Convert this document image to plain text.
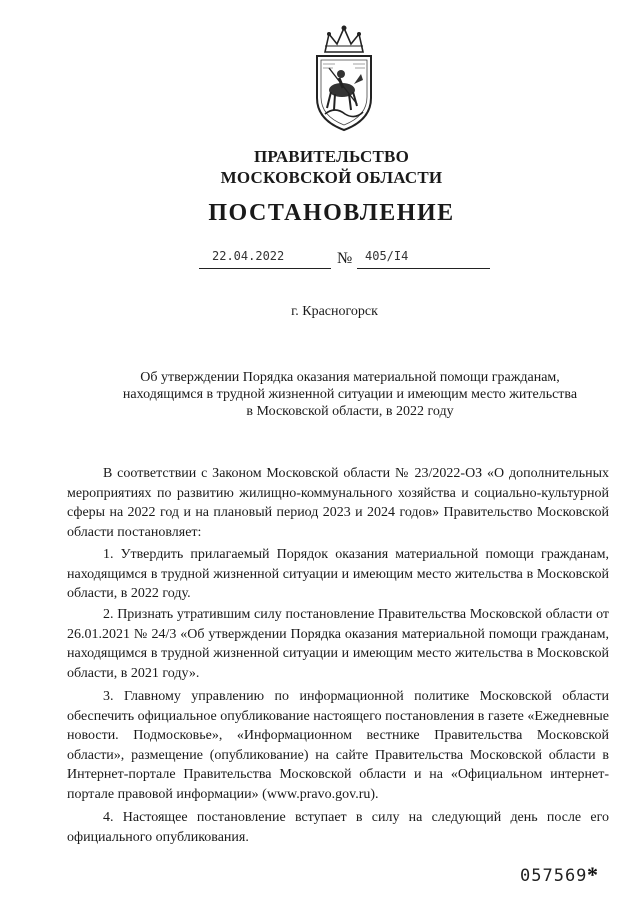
ПРАВИТЕЛЬСТВО
МОСКОВСКОЙ ОБЛАСТИ
ПОСТАНОВЛЕНИЕ
22.04.2022	№ 405/I4
г. Красногорск
Об утверждении Порядка оказания материальной помощи гражданам,
находящимся в трудной жизненной ситуации и имеющим место жительства
в Московской области, в 2022 году
В соответствии с Законом Московской области № 23/2022-ОЗ «О дополнительных мероприятиях по развитию жилищно-коммунального хозяйства и социально-культурной сферы на 2022 год и на плановый период 2023 и 2024 годов» Правительство Московской области постановляет:
1. Утвердить прилагаемый Порядок оказания материальной помощи гражданам, находящимся в трудной жизненной ситуации и имеющим место жительства в Московской области, в 2022 году.
2. Признать утратившим силу постановление Правительства Московской области от 26.01.2021 № 24/3 «Об утверждении Порядка оказания материальной помощи гражданам, находящимся в трудной жизненной ситуации и имеющим место жительства в Московской области, в 2021 году».
3. Главному управлению по информационной политике Московской области обеспечить официальное опубликование настоящего постановления в газете «Ежедневные новости. Подмосковье», «Информационном вестнике Правительства Московской области», размещение (опубликование) на сайте Правительства Московской области в Интернет-портале Правительства Московской области и на «Официальном интернет-портале правовой информации» (www.pravo.gov.ru).
4. Настоящее постановление вступает в силу на следующий день после его официального опубликования.
057569 *
